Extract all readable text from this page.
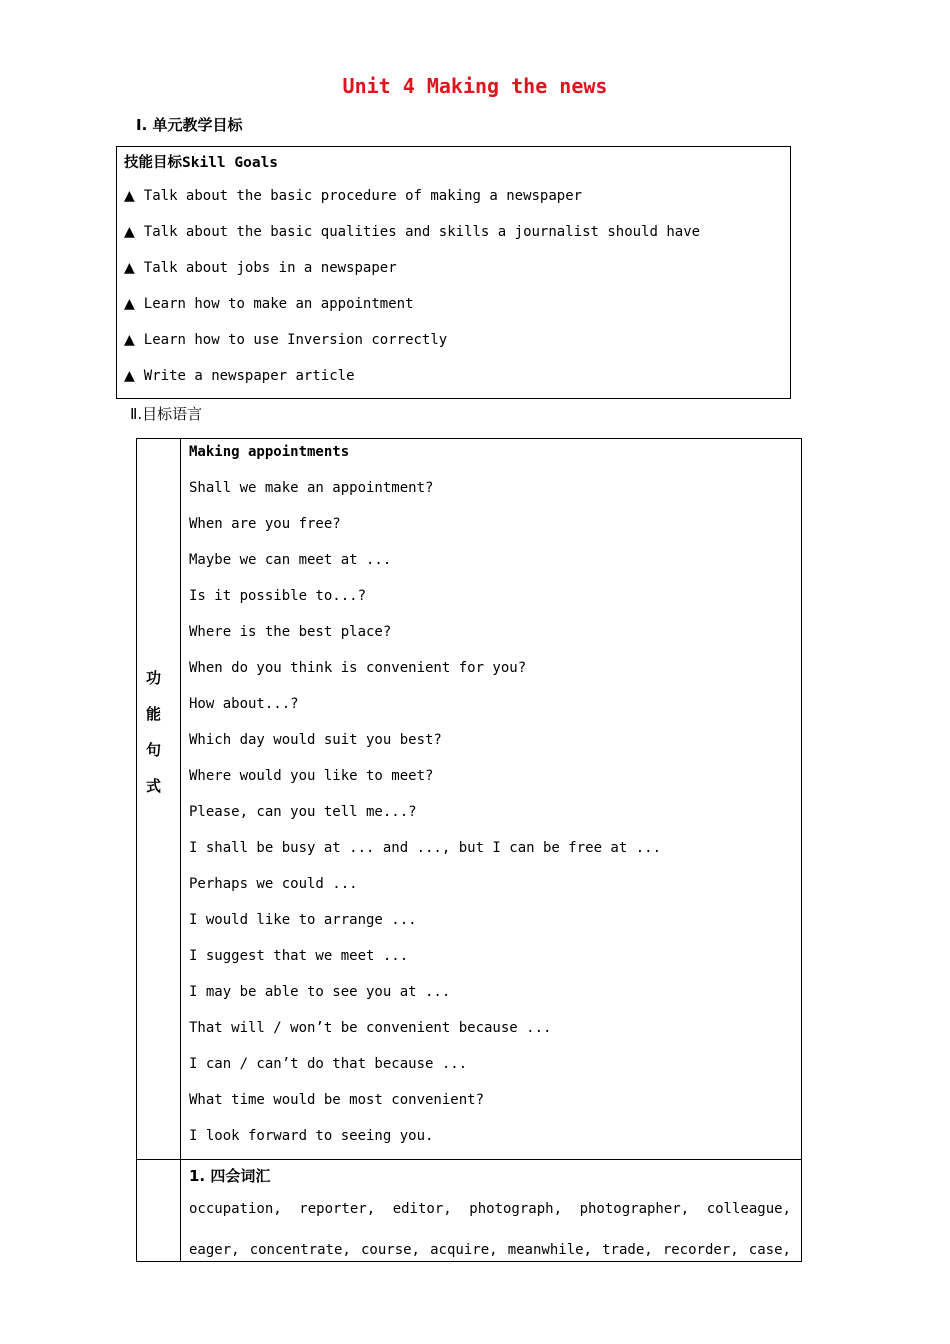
Unit 4 Making the news
Ⅰ. 单元教学目标
技能目标Skill Goals
▲ Talk about the basic procedure of making a newspaper
▲ Talk about the basic qualities and skills a journalist should have
▲ Talk about jobs in a newspaper
▲ Learn how to make an appointment
▲ Learn how to use Inversion correctly
▲ Write a newspaper article
Ⅱ.目标语言
功
能
句
式
Making appointments
Shall we make an appointment?
When are you free?
Maybe we can meet at ...
Is it possible to...?
Where is the best place?
When do you think is convenient for you?
How about...?
Which day would suit you best?
Where would you like to meet?
Please, can you tell me...?
I shall be busy at ... and ..., but I can be free at ...
Perhaps we could ...
I would like to arrange ...
I suggest that we meet ...
I may be able to see you at ...
That will / won’t be convenient because ...
I can / can’t do that because ...
What time would be most convenient?
I look forward to seeing you.
1. 四会词汇
occupation, reporter, editor, photograph, photographer, colleague,
eager, concentrate, course, acquire, meanwhile, trade, recorder, case,
